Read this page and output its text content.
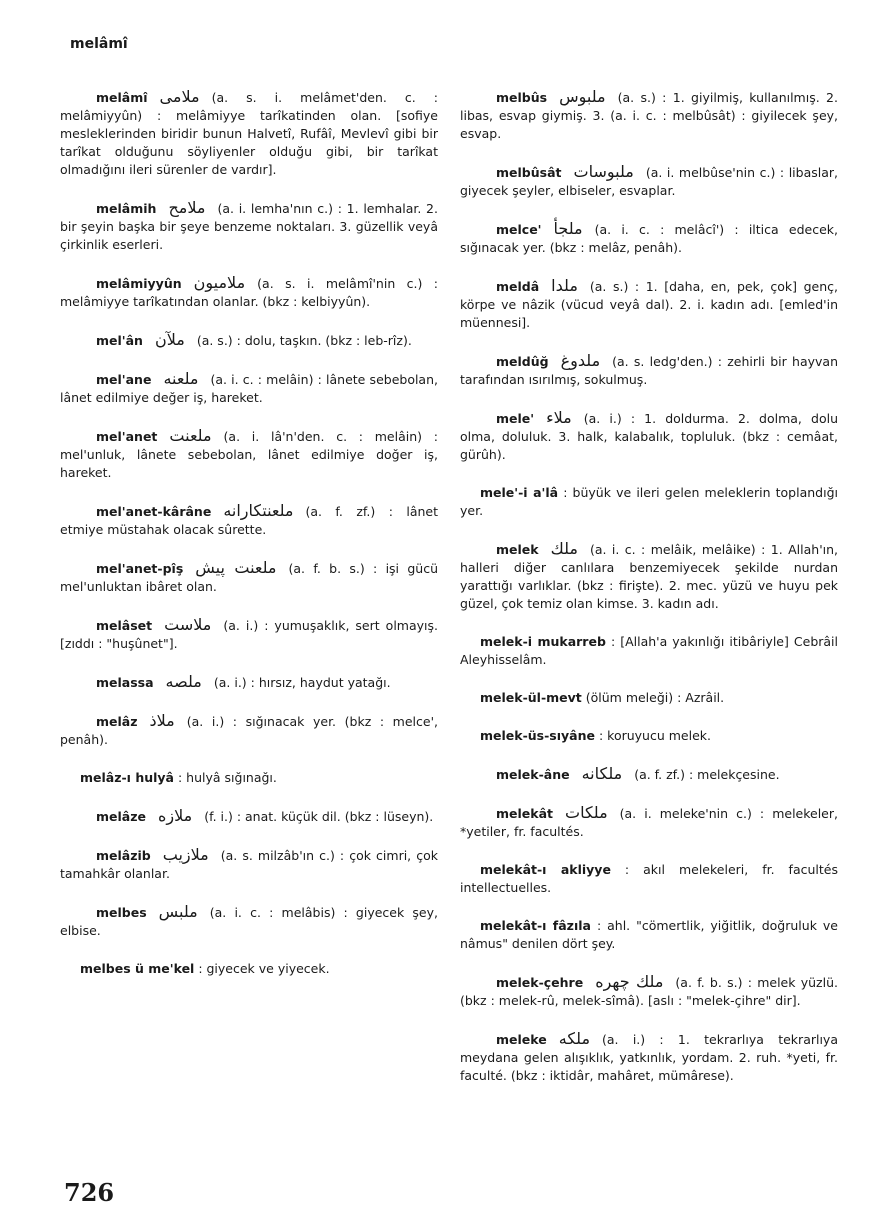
melâmî
melâmî ملامى (a. s. i. melâmet'den. c. : melâmiyyûn) : melâmiyye tarîkatinden olan. [sofiye mesleklerinden biridir bunun Halvetî, Rufâî, Mevlevî gibi bir tarîkat olduğunu söyliyenler olduğu gibi, bir tarîkat olmadığını ileri sürenler de vardır].
melâmih ملامح (a. i. lemha'nın c.) : 1. lemhalar. 2. bir şeyin başka bir şeye benzeme noktaları. 3. güzellik veyâ çirkinlik eserleri.
melâmiyyûn ملاميون (a. s. i. melâmî'nin c.) : melâmiyye tarîkatından olanlar. (bkz : kelbiyyûn).
mel'ân ملآن (a. s.) : dolu, taşkın. (bkz : leb-rîz).
mel'ane ملعنه (a. i. c. : melâin) : lânete sebebolan, lânet edilmiye değer iş, hareket.
mel'anet ملعنت (a. i. lâ'n'den. c. : melâin) : mel'unluk, lânete sebebolan, lânet edilmiye doğer iş, hareket.
mel'anet-kârâne ملعنتكارانه (a. f. zf.) : lânet etmiye müstahak olacak sûrette.
mel'anet-pîş ملعنت پيش (a. f. b. s.) : işi gücü mel'unluktan ibâret olan.
melâset ملاست (a. i.) : yumuşaklık, sert olmayış. [zıddı : "huşûnet"].
melassa ملصه (a. i.) : hırsız, haydut yatağı.
melâz ملاذ (a. i.) : sığınacak yer. (bkz : melce', penâh).
melâz-ı hulyâ : hulyâ sığınağı.
melâze ملازه (f. i.) : anat. küçük dil. (bkz : lüseyn).
melâzib ملازيب (a. s. milzâb'ın c.) : çok cimri, çok tamahkâr olanlar.
melbes ملبس (a. i. c. : melâbis) : giyecek şey, elbise.
melbes ü me'kel : giyecek ve yiyecek.
melbûs ملبوس (a. s.) : 1. giyilmiş, kullanılmış. 2. libas, esvap giymiş. 3. (a. i. c. : melbûsât) : giyilecek şey, esvap.
melbûsât ملبوسات (a. i. melbûse'nin c.) : libaslar, giyecek şeyler, elbiseler, esvaplar.
melce' ملجأ (a. i. c. : melâcî') : iltica edecek, sığınacak yer. (bkz : melâz, penâh).
meldâ ملدا (a. s.) : 1. [daha, en, pek, çok] genç, körpe ve nâzik (vücud veyâ dal). 2. i. kadın adı. [emled'in müennesi].
meldûğ ملدوغ (a. s. ledg'den.) : zehirli bir hayvan tarafından ısırılmış, sokulmuş.
mele' ملاء (a. i.) : 1. doldurma. 2. dolma, dolu olma, doluluk. 3. halk, kalabalık, topluluk. (bkz : cemâat, gürûh).
mele'-i a'lâ : büyük ve ileri gelen meleklerin toplandığı yer.
melek ملك (a. i. c. : melâik, melâike) : 1. Allah'ın, halleri diğer canlılara benzemiyecek şekilde nurdan yarattığı varlıklar. (bkz : firişte). 2. mec. yüzü ve huyu pek güzel, çok temiz olan kimse. 3. kadın adı.
melek-i mukarreb : [Allah'a yakınlığı itibâriyle] Cebrâil Aleyhisselâm.
melek-ül-mevt (ölüm meleği) : Azrâil.
melek-üs-sıyâne : koruyucu melek.
melek-âne ملكانه (a. f. zf.) : melekçesine.
melekât ملكات (a. i. meleke'nin c.) : melekeler, *yetiler, fr. facultés.
melekât-ı akliyye : akıl melekeleri, fr. facultés intellectuelles.
melekât-ı fâzıla : ahl. "cömertlik, yiğitlik, doğruluk ve nâmus" denilen dört şey.
melek-çehre ملك چهره (a. f. b. s.) : melek yüzlü. (bkz : melek-rû, melek-sîmâ). [aslı : "melek-çihre" dir].
meleke ملكه (a. i.) : 1. tekrarlıya tekrarlıya meydana gelen alışıklık, yatkınlık, yordam. 2. ruh. *yeti, fr. faculté. (bkz : iktidâr, mahâret, mümârese).
726
